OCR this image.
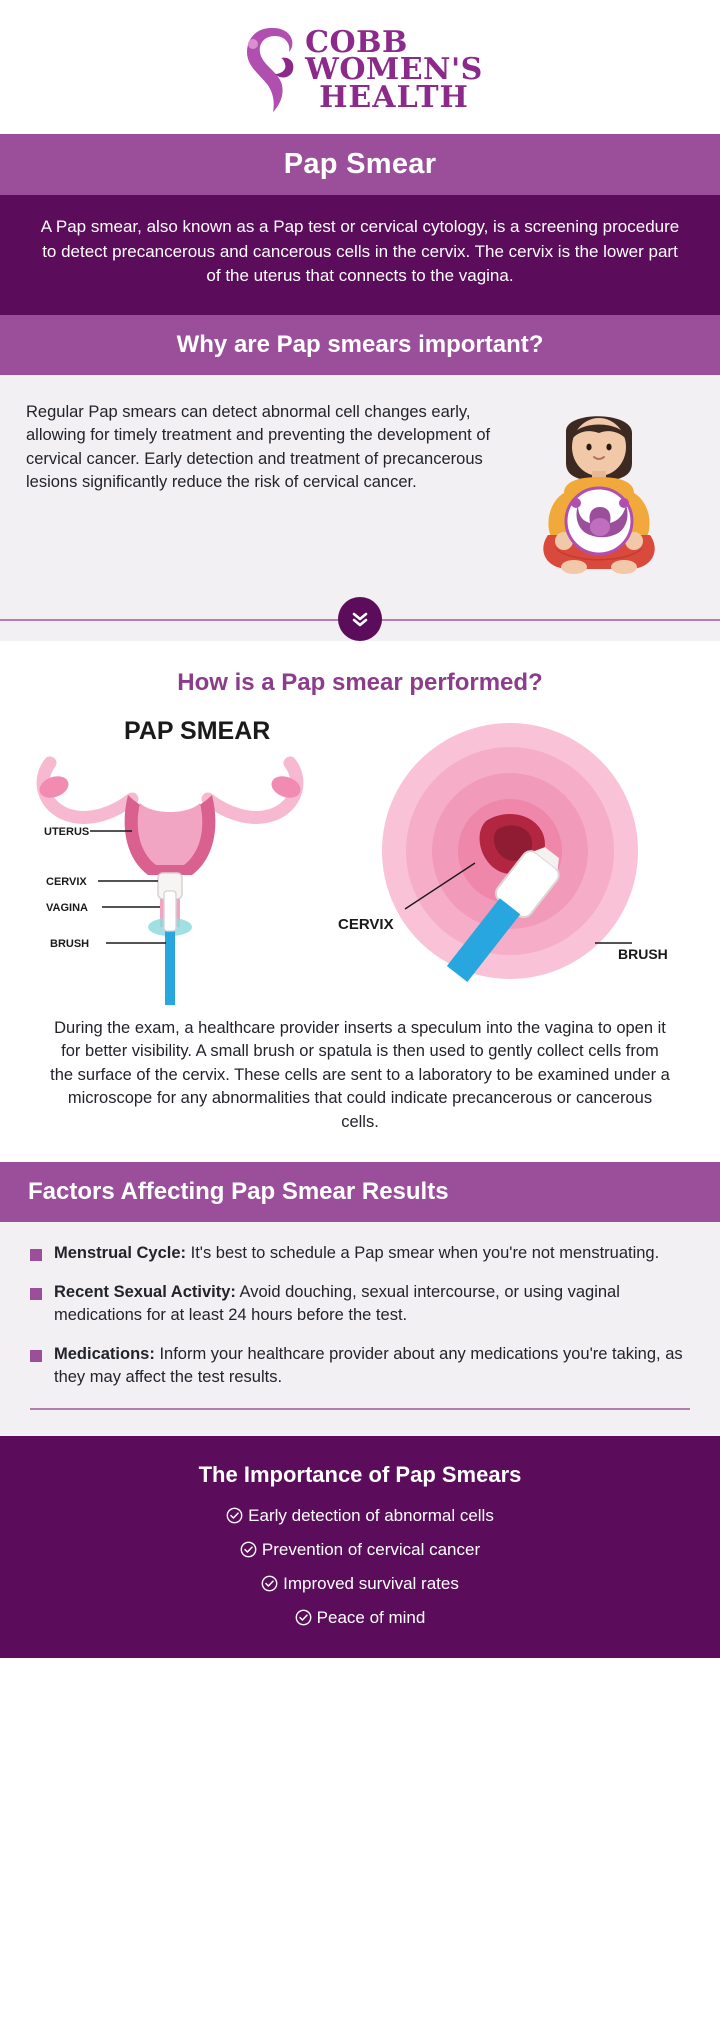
COBB
WOMEN'S
HEALTH
Pap Smear

A Pap smear, also known as a Pap test or cervical cytology, is a screening procedure to detect precancerous and cancerous cells in the cervix. The cervix is the lower part of the uterus that connects to the vagina.

Why are Pap smears important?
Regular Pap smears can detect abnormal cell changes early, allowing for timely treatment and preventing the development of cervical cancer. Early detection and treatment of precancerous lesions significantly reduce the risk of cervical cancer.
How is a Pap smear performed?
PAP SMEAR
UTERUS
CERVIX
VAGINA
BRUSH
CERVIX
BRUSH
During the exam, a healthcare provider inserts a speculum into the vagina to open it for better visibility. A small brush or spatula is then used to gently collect cells from the surface of the cervix. These cells are sent to a laboratory to be examined under a microscope for any abnormalities that could indicate precancerous or cancerous cells.
Factors Affecting Pap Smear Results
Menstrual Cycle: It's best to schedule a Pap smear when you're not menstruating.
Recent Sexual Activity: Avoid douching, sexual intercourse, or using vaginal medications for at least 24 hours before the test.
Medications: Inform your healthcare provider about any medications you're taking, as they may affect the test results.
The Importance of Pap Smears
Early detection of abnormal cells
Prevention of cervical cancer
Improved survival rates
Peace of mind
